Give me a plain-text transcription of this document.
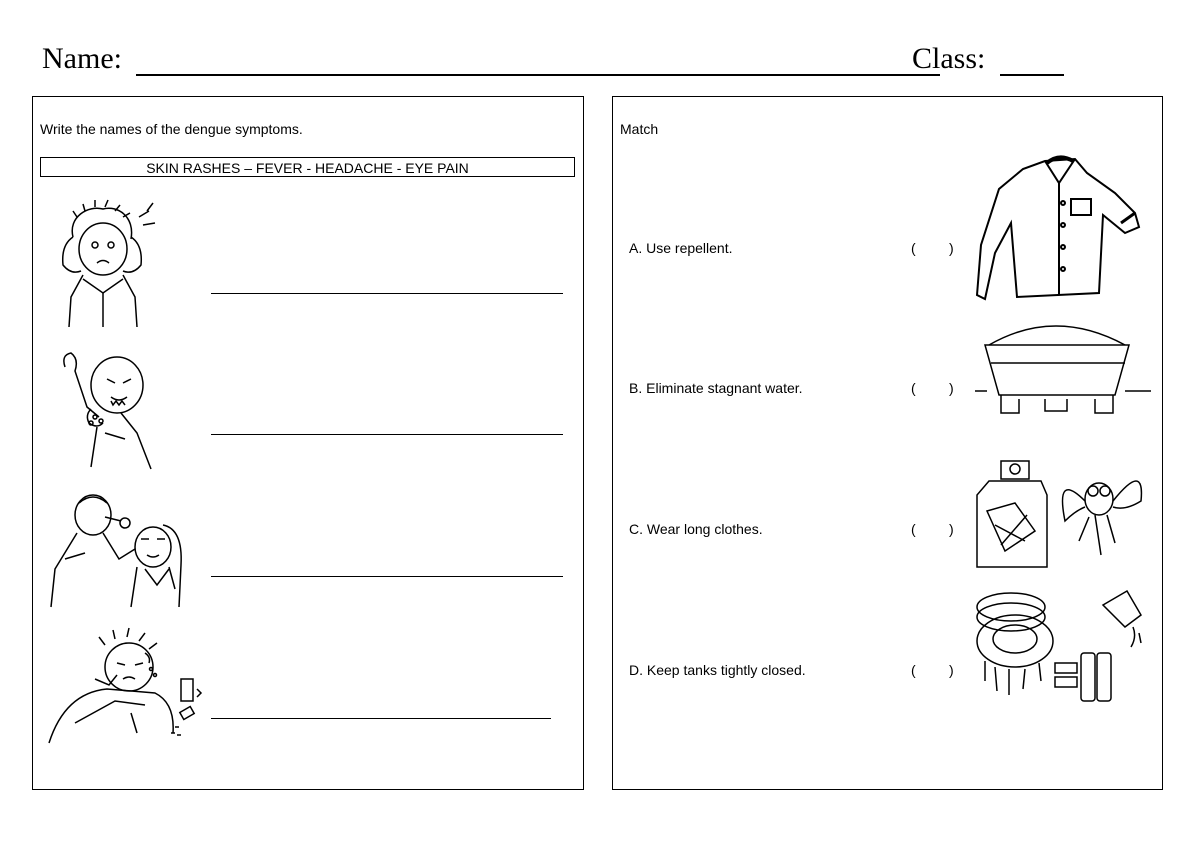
Name:	Class:
Write the names of the dengue symptoms.
SKIN RASHES – FEVER - HEADACHE - EYE PAIN
Match
A. Use repellent.	( )
B. Eliminate stagnant water.	( )
C. Wear long clothes.	( )
D. Keep tanks tightly closed.	( )
